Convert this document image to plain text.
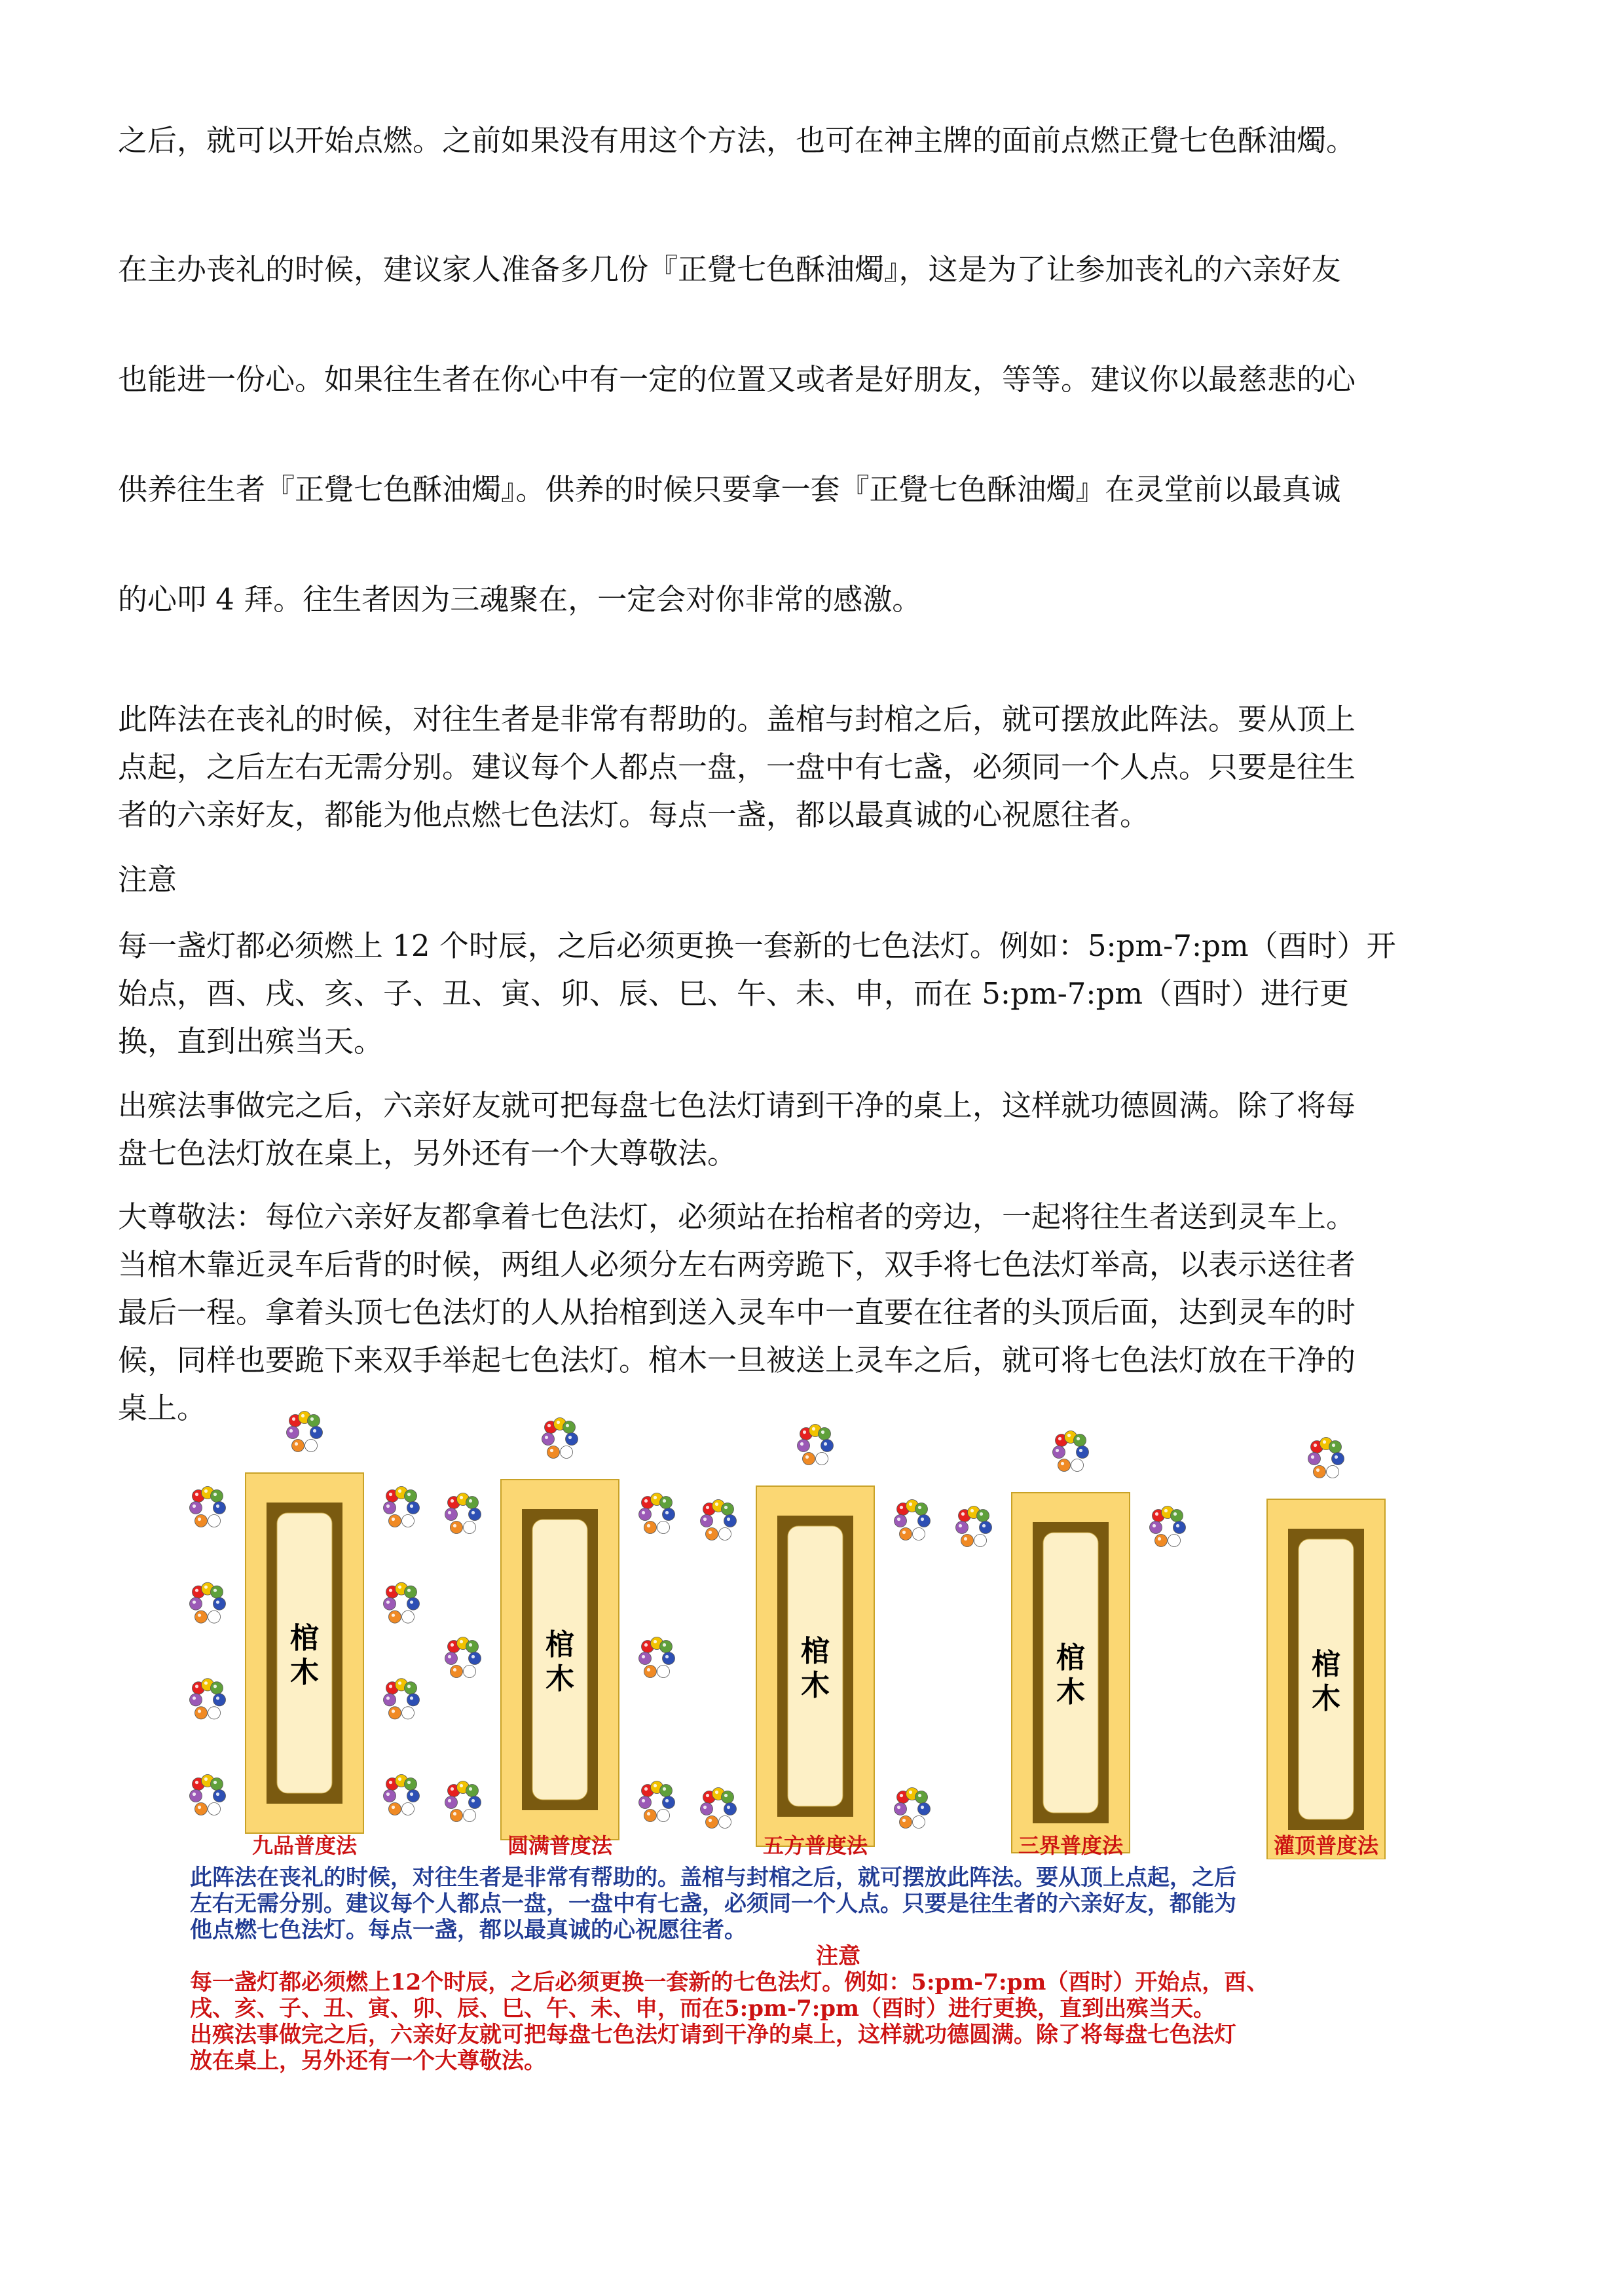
之后，就可以开始点燃。之前如果没有用这个方法，也可在神主牌的面前点燃正覺七色酥油燭。
在主办丧礼的时候，建议家人准备多几份『正覺七色酥油燭』，这是为了让参加丧礼的六亲好友
也能进一份心。如果往生者在你心中有一定的位置又或者是好朋友，等等。建议你以最慈悲的心
供养往生者『正覺七色酥油燭』。供养的时候只要拿一套『正覺七色酥油燭』在灵堂前以最真诚
的心叩 4 拜。往生者因为三魂聚在，一定会对你非常的感激。
此阵法在丧礼的时候，对往生者是非常有帮助的。盖棺与封棺之后，就可摆放此阵法。要从顶上
点起，之后左右无需分别。建议每个人都点一盘，一盘中有七盏，必须同一个人点。只要是往生
者的六亲好友，都能为他点燃七色法灯。每点一盏，都以最真诚的心祝愿往者。
注意
每一盏灯都必须燃上 12 个时辰，之后必须更换一套新的七色法灯。例如：5:pm-7:pm（酉时）开
始点，酉、戌、亥、子、丑、寅、卯、辰、巳、午、未、申，而在 5:pm-7:pm（酉时）进行更
换，直到出殡当天。
出殡法事做完之后，六亲好友就可把每盘七色法灯请到干净的桌上，这样就功德圆满。除了将每
盘七色法灯放在桌上，另外还有一个大尊敬法。
大尊敬法：每位六亲好友都拿着七色法灯，必须站在抬棺者的旁边，一起将往生者送到灵车上。
当棺木靠近灵车后背的时候，两组人必须分左右两旁跪下，双手将七色法灯举高，以表示送往者
最后一程。拿着头顶七色法灯的人从抬棺到送入灵车中一直要在往者的头顶后面，达到灵车的时
候，同样也要跪下来双手举起七色法灯。棺木一旦被送上灵车之后，就可将七色法灯放在干净的
桌上。
棺
木
九品普度法
棺
木
圆满普度法
棺
木
五方普度法
棺
木
三界普度法
棺
木
灌顶普度法
此阵法在丧礼的时候，对往生者是非常有帮助的。盖棺与封棺之后，就可摆放此阵法。要从顶上点起，之后
左右无需分别。建议每个人都点一盘，一盘中有七盏，必须同一个人点。只要是往生者的六亲好友，都能为
他点燃七色法灯。每点一盏，都以最真诚的心祝愿往者。
注意
每一盏灯都必须燃上12个时辰，之后必须更换一套新的七色法灯。例如：5:pm-7:pm（酉时）开始点，酉、
戌、亥、子、丑、寅、卯、辰、巳、午、未、申，而在5:pm-7:pm（酉时）进行更换，直到出殡当天。
出殡法事做完之后，六亲好友就可把每盘七色法灯请到干净的桌上，这样就功德圆满。除了将每盘七色法灯
放在桌上，另外还有一个大尊敬法。
